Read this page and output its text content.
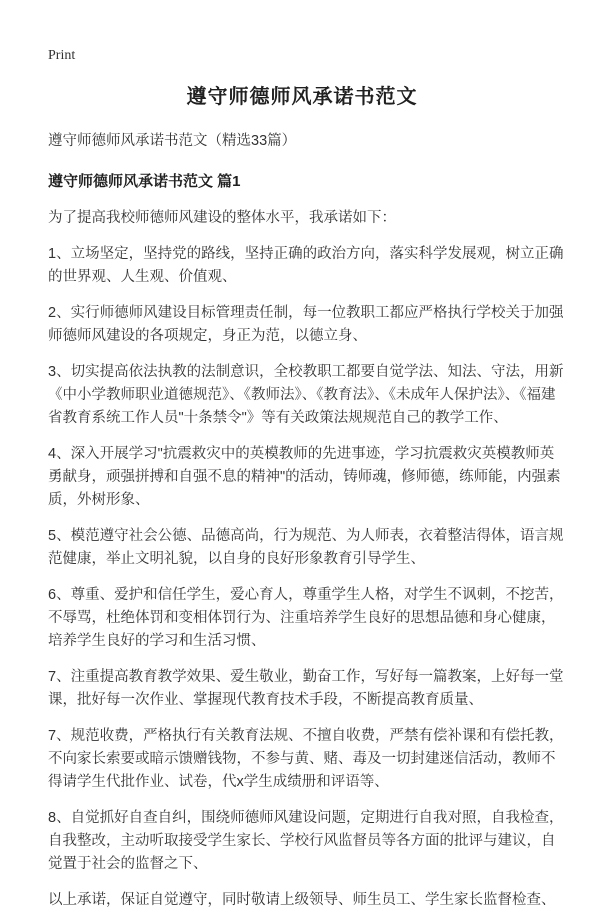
Print
遵守师德师风承诺书范文

遵守师德师风承诺书范文（精选33篇）

遵守师德师风承诺书范文 篇1

为了提高我校师德师风建设的整体水平，我承诺如下：

1、立场坚定，坚持党的路线，坚持正确的政治方向，落实科学发展观，树立正确的世界观、人生观、价值观、

2、实行师德师风建设目标管理责任制，每一位教职工都应严格执行学校关于加强师德师风建设的各项规定，身正为范，以德立身、

3、切实提高依法执教的法制意识，全校教职工都要自觉学法、知法、守法，用新《中小学教师职业道德规范》、《教师法》、《教育法》、《未成年人保护法》、《福建省教育系统工作人员"十条禁令"》等有关政策法规规范自己的教学工作、

4、深入开展学习"抗震救灾中的英模教师的先进事迹，学习抗震救灾英模教师英勇献身，顽强拼搏和自强不息的精神"的活动，铸师魂，修师德，练师能，内强素质，外树形象、

5、模范遵守社会公德、品德高尚，行为规范、为人师表，衣着整洁得体，语言规范健康，举止文明礼貌，以自身的良好形象教育引导学生、

6、尊重、爱护和信任学生，爱心育人，尊重学生人格，对学生不讽刺，不挖苦，不辱骂，杜绝体罚和变相体罚行为、注重培养学生良好的思想品德和身心健康，培养学生良好的学习和生活习惯、

7、注重提高教育教学效果、爱生敬业，勤奋工作，写好每一篇教案，上好每一堂课，批好每一次作业、掌握现代教育技术手段，不断提高教育质量、

7、规范收费，严格执行有关教育法规、不擅自收费，严禁有偿补课和有偿托教，不向家长索要或暗示馈赠钱物，不参与黄、赌、毒及一切封建迷信活动，教师不得请学生代批作业、试卷，代x学生成绩册和评语等、

8、自觉抓好自查自纠，围绕师德师风建设问题，定期进行自我对照，自我检查，自我整改，主动听取接受学生家长、学校行风监督员等各方面的批评与建议，自觉置于社会的监督之下、

以上承诺，保证自觉遵守，同时敬请上级领导、师生员工、学生家长监督检查、
